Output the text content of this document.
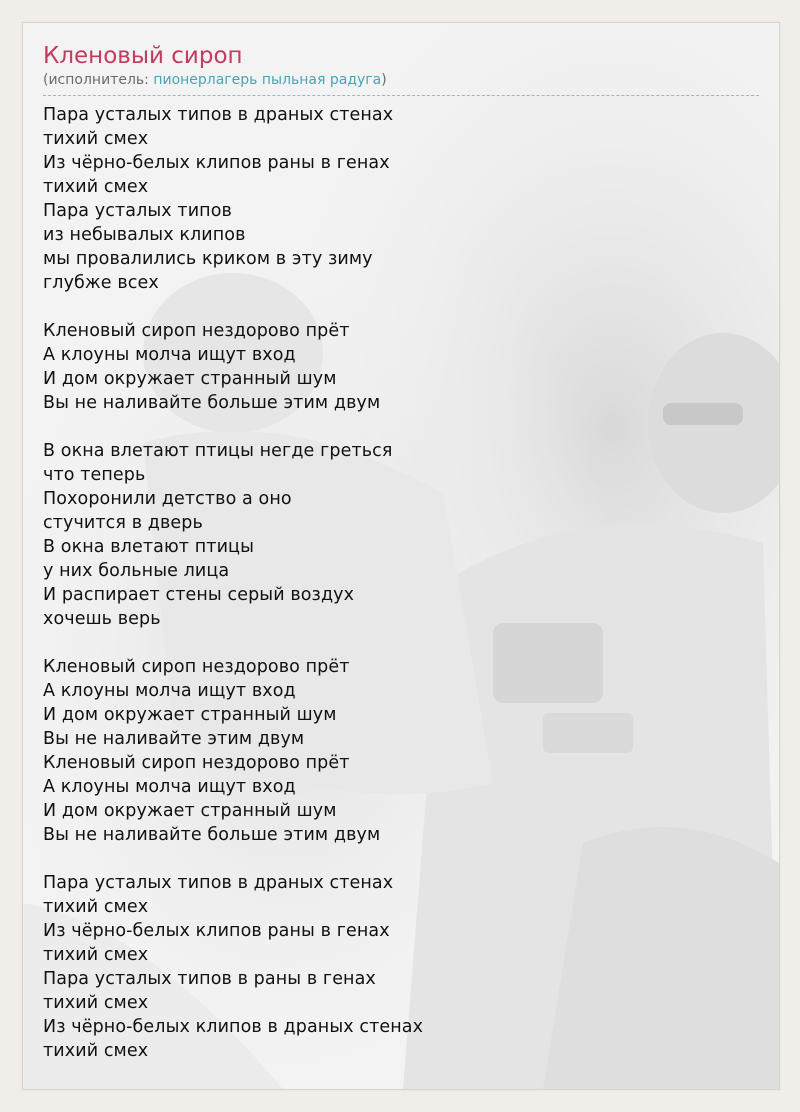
Кленовый сироп
(исполнитель: пионерлагерь пыльная радуга)
Пара усталых типов в драных стенах
тихий смех
Из чёрно-белых клипов раны в генах
тихий смех
Пара усталых типов
из небывалых клипов
мы провалились криком в эту зиму
глубже всех
Кленовый сироп нездорово прёт
А клоуны молча ищут вход
И дом окружает странный шум
Вы не наливайте больше этим двум
В окна влетают птицы негде греться
что теперь
Похоронили детство а оно
стучится в дверь
В окна влетают птицы
у них больные лица
И распирает стены серый воздух
хочешь верь
Кленовый сироп нездорово прёт
А клоуны молча ищут вход
И дом окружает странный шум
Вы не наливайте этим двум
Кленовый сироп нездорово прёт
А клоуны молча ищут вход
И дом окружает странный шум
Вы не наливайте больше этим двум
Пара усталых типов в драных стенах
тихий смех
Из чёрно-белых клипов раны в генах
тихий смех
Пара усталых типов в раны в генах
тихий смех
Из чёрно-белых клипов в драных стенах
тихий смех
